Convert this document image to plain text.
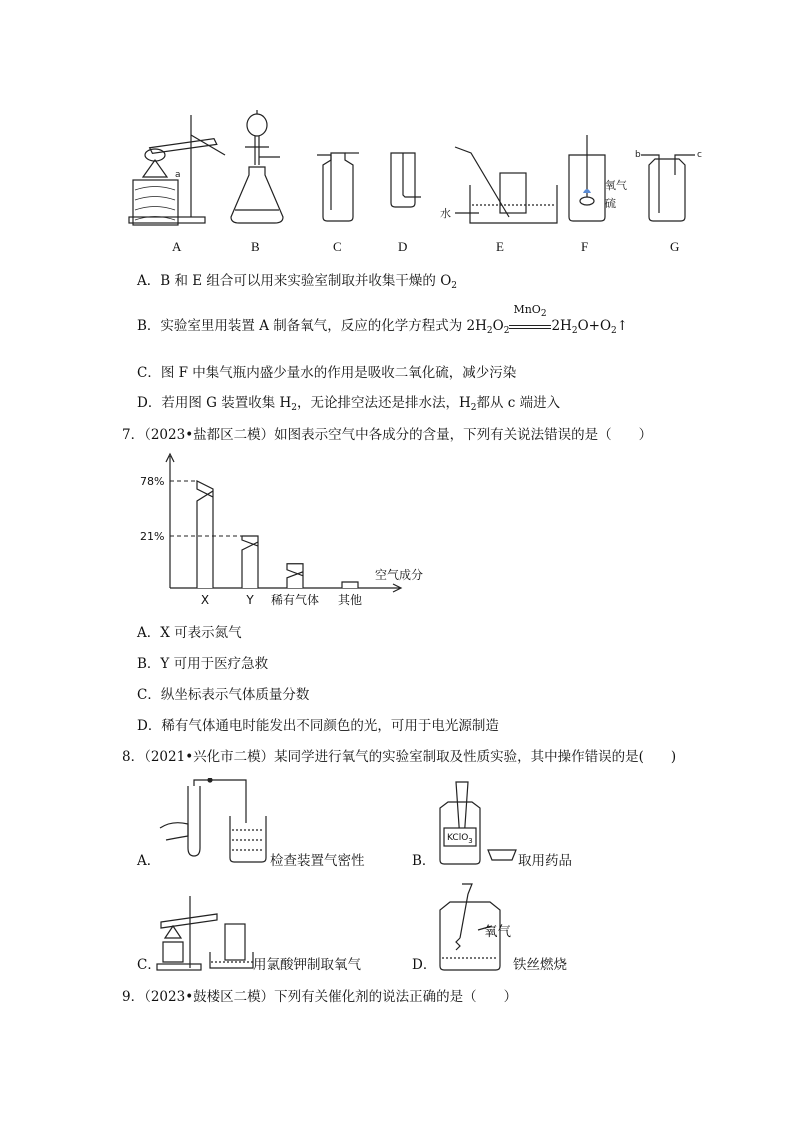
a
水
氧气
硫
b	c
A	B	C	D	E	F	G
A．B 和 E 组合可以用来实验室制取并收集干燥的 $O_2$
B．实验室里用装置 A 制备氧气，反应的化学方程式为 $2H_2O_2$
MnO$_2$
$2H_2O+O_2↑$
C．图 F 中集气瓶内盛少量水的作用是吸收二氧化硫，减少污染
D．若用图 G 装置收集 $H_2$，无论排空法还是排水法，$H_2$都从 c 端进入
7．（2023•盐都区二模）如图表示空气中各成分的含量，下列有关说法错误的是（　　）
78%
21%
空气成分
X	Y 稀有气体 其他
A．X 可表示氮气
B．Y 可用于医疗急救
C．纵坐标表示气体质量分数
D．稀有气体通电时能发出不同颜色的光，可用于电光源制造
8．（2021•兴化市二模）某同学进行氧气的实验室制取及性质实验，其中操作错误的是(　　)
A．	检查装置气密性	B．
KClO$_3$
取用药品
C．	用氯酸钾制取氧气	D．
氧气
铁丝燃烧
9．（2023•鼓楼区二模）下列有关催化剂的说法正确的是（　　）
